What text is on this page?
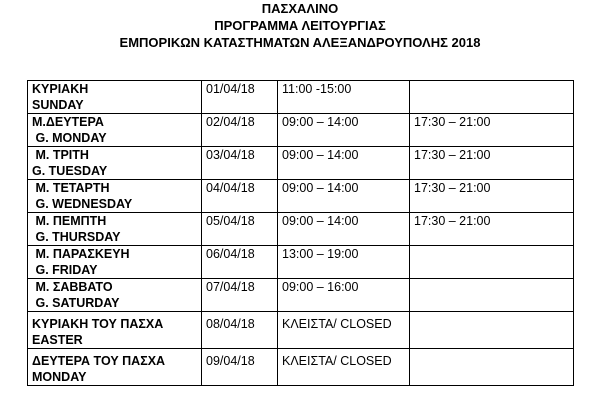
ΠΑΣΧΑΛΙΝΟ
ΠΡΟΓΡΑΜΜΑ ΛΕΙΤΟΥΡΓΙΑΣ
ΕΜΠΟΡΙΚΩΝ ΚΑΤΑΣΤΗΜΑΤΩΝ ΑΛΕΞΑΝΔΡΟΥΠΟΛΗΣ 2018
ΚΥΡΙΑΚΗ
SUNDAY	01/04/18	11:00 -15:00	

Μ.ΔΕΥΤΕΡΑ
G. MONDAY	02/04/18	09:00 – 14:00	17:30 – 21:00

Μ. ΤΡΙΤΗ
G. TUESDAY	03/04/18	09:00 – 14:00	17:30 – 21:00

Μ. ΤΕΤΑΡΤΗ
G. WEDNESDAY	04/04/18	09:00 – 14:00	17:30 – 21:00

Μ. ΠΕΜΠΤΗ
G. THURSDAY	05/04/18	09:00 – 14:00	17:30 – 21:00

Μ. ΠΑΡΑΣΚΕΥΗ
G. FRIDAY	06/04/18	13:00 – 19:00	

Μ. ΣΑΒΒΑΤΟ
G. SATURDAY	07/04/18	09:00 – 16:00	

ΚΥΡΙΑΚΗ ΤΟΥ ΠΑΣΧΑ
EASTER	08/04/18	ΚΛΕΙΣΤΑ/ CLOSED	

ΔΕΥΤΕΡΑ ΤΟΥ ΠΑΣΧΑ
MONDAY	09/04/18	ΚΛΕΙΣΤΑ/ CLOSED	
